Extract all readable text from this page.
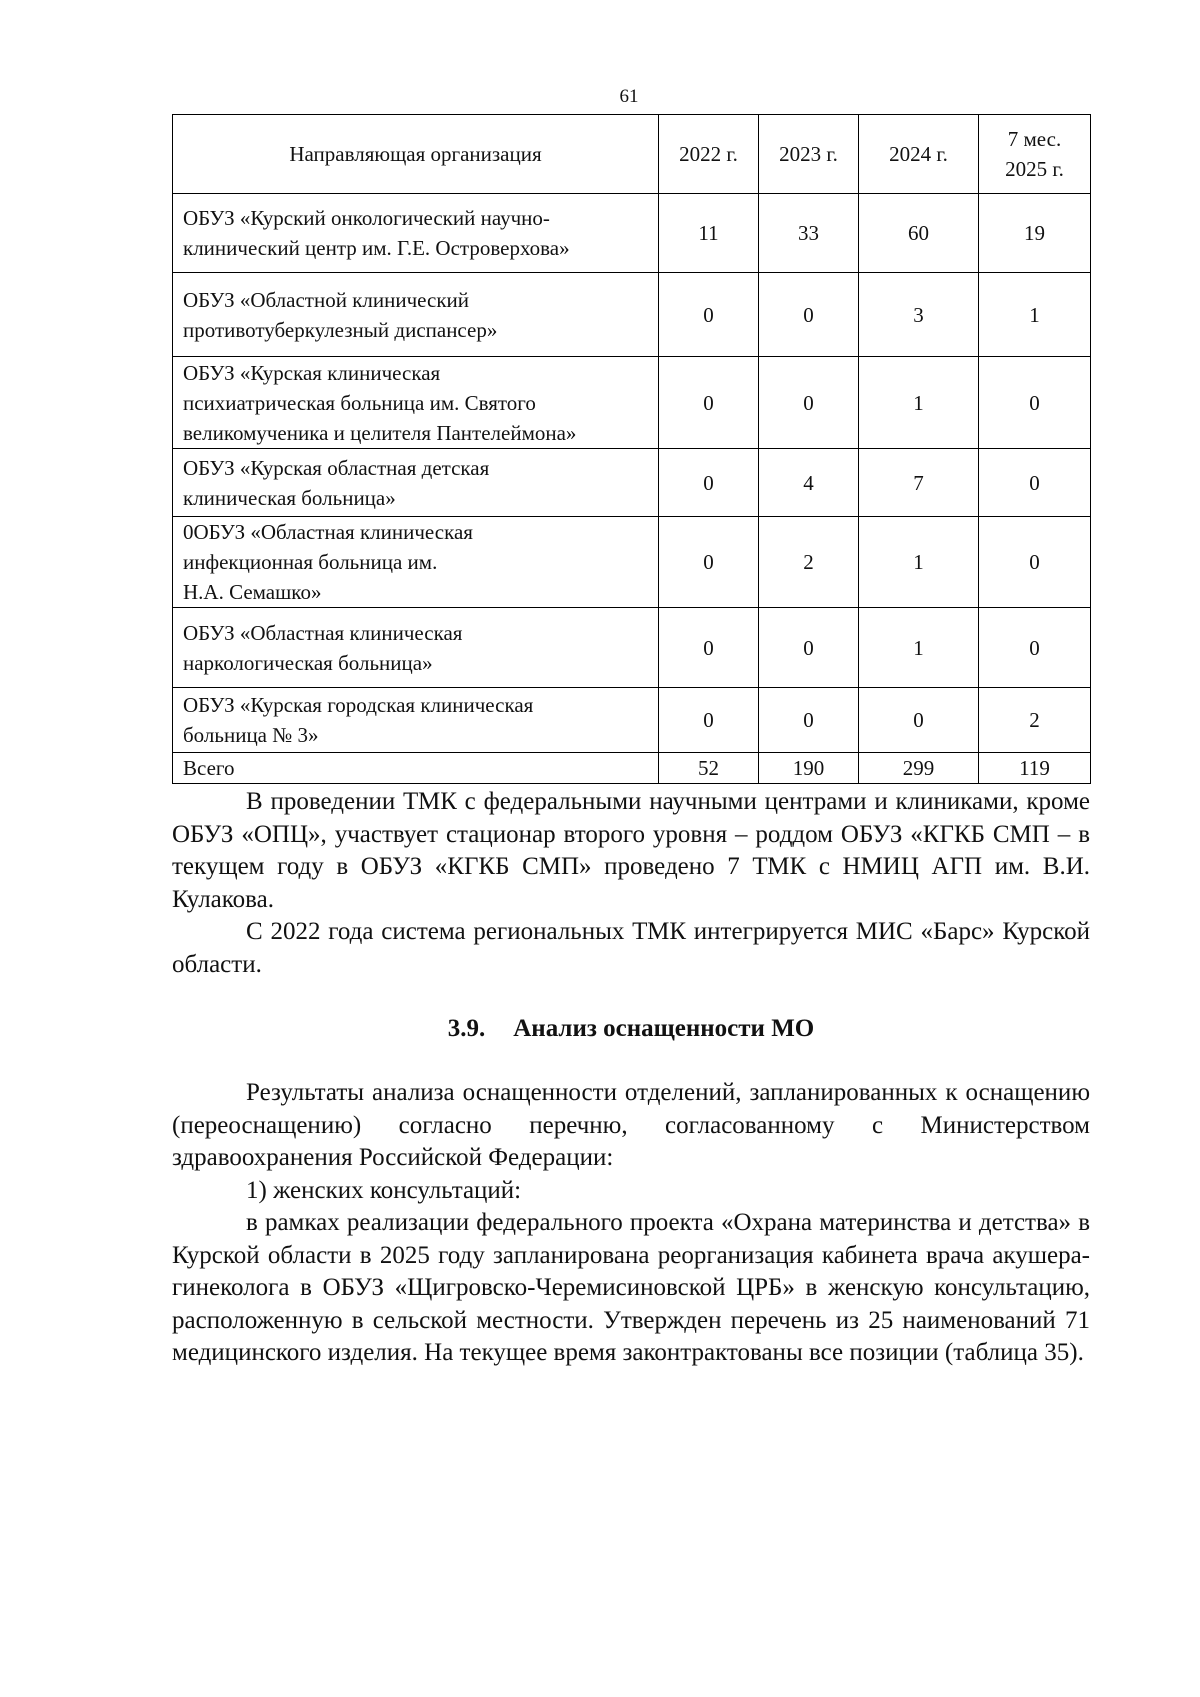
61
Направляющая организация	2022 г.	2023 г.	2024 г.	7 мес.
2025 г.

ОБУЗ «Курский онкологический научно-
клинический центр им. Г.Е. Островерхова»	11	33	60	19

ОБУЗ «Областной клинический
противотуберкулезный диспансер»	0	0	3	1

ОБУЗ «Курская клиническая
психиатрическая больница им. Святого
великомученика и целителя Пантелеймона»	0	0	1	0

ОБУЗ «Курская областная детская
клиническая больница»	0	4	7	0

0ОБУЗ «Областная клиническая
инфекционная больница им.
Н.А. Семашко»	0	2	1	0

ОБУЗ «Областная клиническая
наркологическая больница»	0	0	1	0

ОБУЗ «Курская городская клиническая
больница № 3»	0	0	0	2
Всего	52	190	299	119

В проведении ТМК с федеральными научными центрами и клиниками, кроме ОБУЗ «ОПЦ», участвует стационар второго уровня – роддом ОБУЗ «КГКБ СМП – в текущем году в ОБУЗ «КГКБ СМП» проведено 7 ТМК с НМИЦ АГП им. В.И. Кулакова.

С 2022 года система региональных ТМК интегрируется МИС «Барс» Курской области.

3.9. Анализ оснащенности МО

Результаты анализа оснащенности отделений, запланированных к оснащению (переоснащению) согласно перечню, согласованному с Министерством здравоохранения Российской Федерации:

1) женских консультаций:

в рамках реализации федерального проекта «Охрана материнства и детства» в Курской области в 2025 году запланирована реорганизация кабинета врача акушера-гинеколога в ОБУЗ «Щигровско-Черемисиновской ЦРБ» в женскую консультацию, расположенную в сельской местности. Утвержден перечень из 25 наименований 71 медицинского изделия. На текущее время законтрактованы все позиции (таблица 35).
